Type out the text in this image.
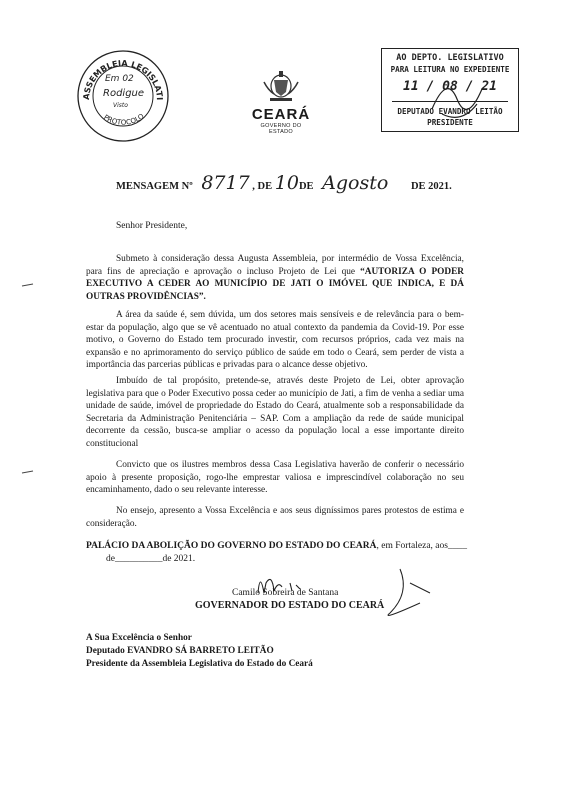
ASSEMBLEIA LEGISLATI
PROTOCOLO
Em 02
Rodigue
Visto
CEARÁ
GOVERNO DO ESTADO
AO DEPTO. LEGISLATIVO
PARA LEITURA NO EXPEDIENTE
11 / 08 / 21
DEPUTADO EVANDRO LEITÃO
PRESIDENTE
MENSAGEM Nº 8717 , DE 10DE Agosto DE 2021.
Senhor Presidente,
Submeto à consideração dessa Augusta Assembleia, por intermédio de Vossa Excelência, para fins de apreciação e aprovação o incluso Projeto de Lei que “AUTORIZA O PODER EXECUTIVO A CEDER AO MUNICÍPIO DE JATI O IMÓVEL QUE INDICA, E DÁ OUTRAS PROVIDÊNCIAS”.
A área da saúde é, sem dúvida, um dos setores mais sensíveis e de relevância para o bem-estar da população, algo que se vê acentuado no atual contexto da pandemia da Covid-19. Por esse motivo, o Governo do Estado tem procurado investir, com recursos próprios, cada vez mais na expansão e no aprimoramento do serviço público de saúde em todo o Ceará, sem perder de vista a importância das parcerias públicas e privadas para o alcance desse objetivo.
Imbuído de tal propósito, pretende-se, através deste Projeto de Lei, obter aprovação legislativa para que o Poder Executivo possa ceder ao município de Jati, a fim de venha a sediar uma unidade de saúde, imóvel de propriedade do Estado do Ceará, atualmente sob a responsabilidade da Secretaria da Administração Penitenciária – SAP. Com a ampliação da rede de saúde municipal decorrente da cessão, busca-se ampliar o acesso da população local a esse importante direito constitucional
Convicto que os ilustres membros dessa Casa Legislativa haverão de conferir o necessário apoio à presente proposição, rogo-lhe emprestar valiosa e imprescindível colaboração no seu encaminhamento, dado o seu relevante interesse.
No ensejo, apresento a Vossa Excelência e aos seus digníssimos pares protestos de estima e consideração.
PALÁCIO DA ABOLIÇÃO DO GOVERNO DO ESTADO DO CEARÁ, em Fortaleza, aos____
de__________de 2021.
Camilo Sobreira de Santana
GOVERNADOR DO ESTADO DO CEARÁ
A Sua Excelência o Senhor
Deputado EVANDRO SÁ BARRETO LEITÃO
Presidente da Assembleia Legislativa do Estado do Ceará
